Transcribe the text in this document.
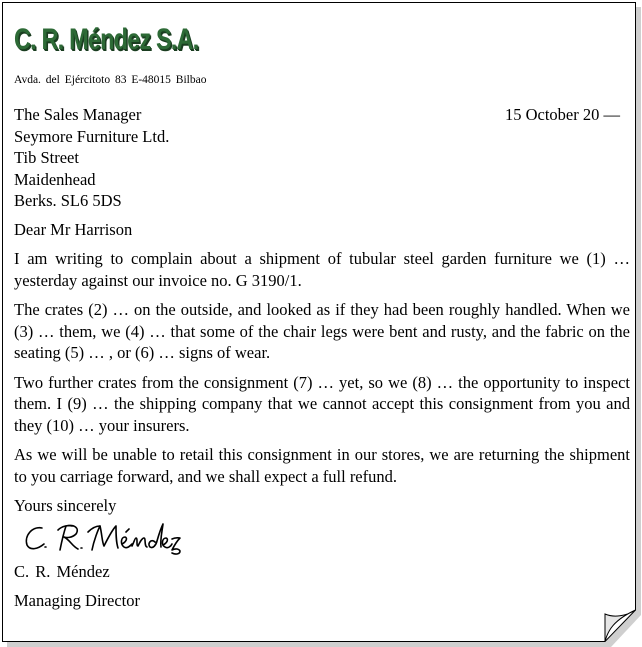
C. R. Méndez S.A.
Avda. del Ejércitoto 83 E-48015 Bilbao
15 October 20 —
The Sales Manager
Seymore Furniture Ltd.
Tib Street
Maidenhead
Berks. SL6 5DS
Dear Mr Harrison
I am writing to complain about a shipment of tubular steel garden furniture we (1) … yesterday against our invoice no. G 3190/1.
The crates (2) … on the outside, and looked as if they had been roughly handled. When we (3) … them, we (4) … that some of the chair legs were bent and rusty, and the fabric on the seating (5) … , or (6) … signs of wear.
Two further crates from the consignment (7) … yet, so we (8) … the opportunity to inspect them. I (9) … the shipping company that we cannot accept this consignment from you and they (10) … your insurers.
As we will be unable to retail this consignment in our stores, we are returning the shipment to you carriage forward, and we shall expect a full refund.
Yours sincerely
C. R. Méndez
Managing Director
